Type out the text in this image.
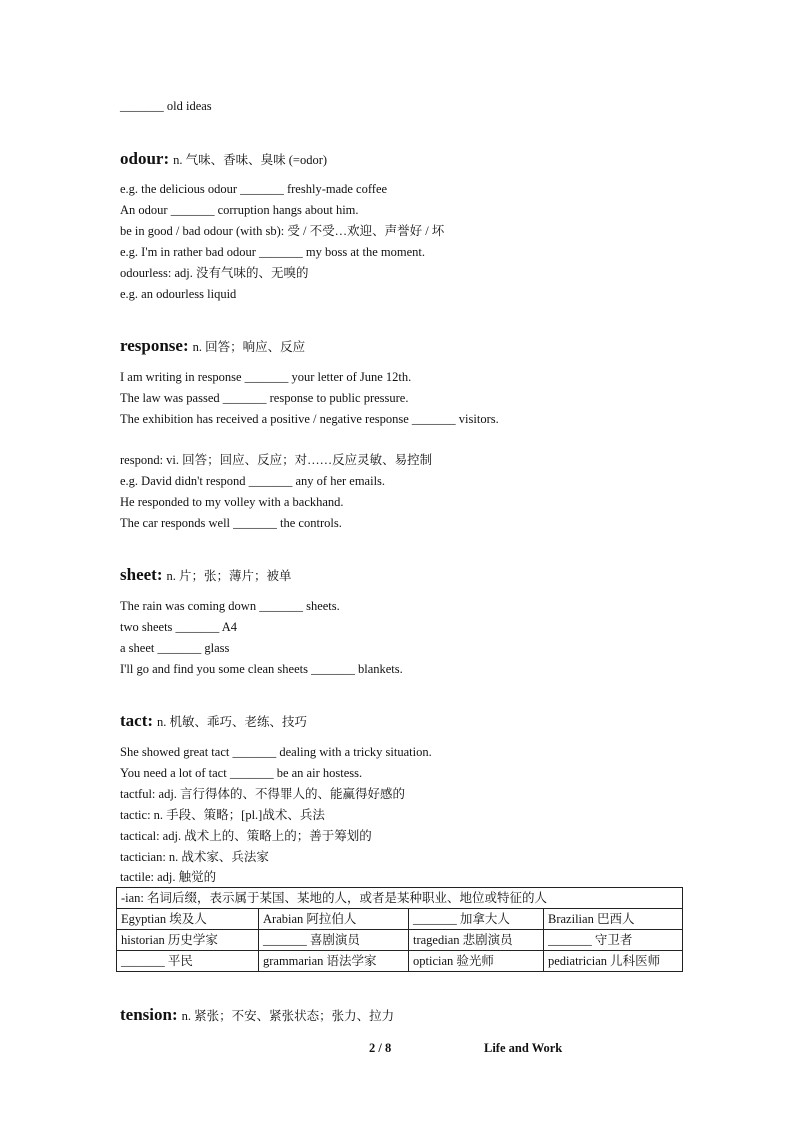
_______ old ideas
odour: n. 气味、香味、臭味 (=odor)
e.g. the delicious odour _______ freshly-made coffee
An odour _______ corruption hangs about him.
be in good / bad odour (with sb): 受 / 不受…欢迎、声誉好 / 坏
e.g. I'm in rather bad odour _______ my boss at the moment.
odourless: adj. 没有气味的、无嗅的
e.g. an odourless liquid
response: n. 回答；响应、反应
I am writing in response _______ your letter of June 12th.
The law was passed _______ response to public pressure.
The exhibition has received a positive / negative response _______ visitors.
respond: vi. 回答；回应、反应；对……反应灵敏、易控制
e.g. David didn't respond _______ any of her emails.
He responded to my volley with a backhand.
The car responds well _______ the controls.
sheet: n. 片；张；薄片；被单
The rain was coming down _______ sheets.
two sheets _______ A4
a sheet _______ glass
I'll go and find you some clean sheets _______ blankets.
tact: n. 机敏、乖巧、老练、技巧
She showed great tact _______ dealing with a tricky situation.
You need a lot of tact _______ be an air hostess.
tactful: adj. 言行得体的、不得罪人的、能赢得好感的
tactic: n. 手段、策略；[pl.]战术、兵法
tactical: adj. 战术上的、策略上的；善于筹划的
tactician: n. 战术家、兵法家
tactile: adj. 触觉的
-ian: 名词后缀，表示属于某国、某地的人，或者是某种职业、地位或特征的人			
Egyptian 埃及人	Arabian 阿拉伯人	_______ 加拿大人	Brazilian 巴西人
historian 历史学家	_______ 喜剧演员	tragedian 悲剧演员	_______ 守卫者
_______ 平民	grammarian 语法学家	optician 验光师	pediatrician 儿科医师
tension: n. 紧张；不安、紧张状态；张力、拉力
2 / 8	Life and Work
